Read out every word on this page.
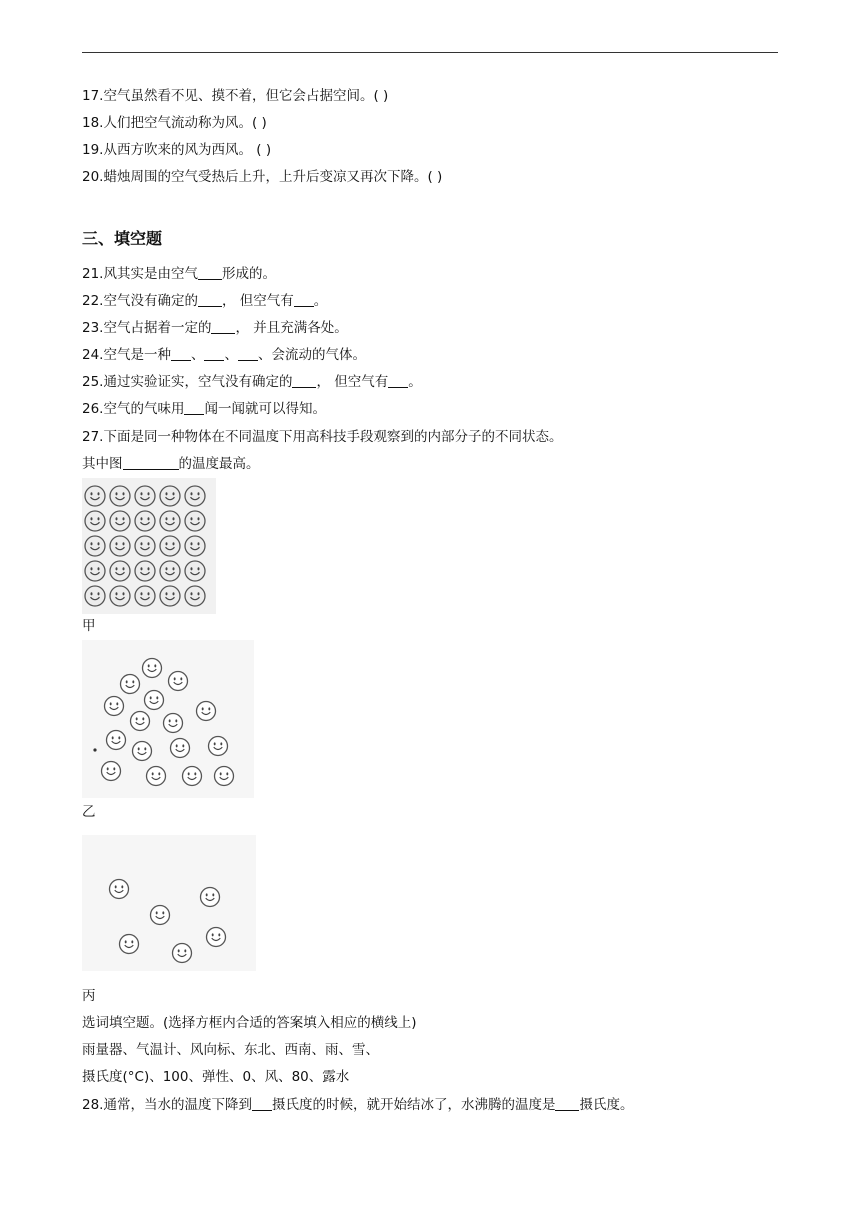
17.空气虽然看不见、摸不着，但它会占据空间。( )
18.人们把空气流动称为风。( )
19.从西方吹来的风为西风。 ( )
20.蜡烛周围的空气受热后上升，上升后变凉又再次下降。( )
三、填空题
21.风其实是由空气 形成的。
22.空气没有确定的 ， 但空气有 。
23.空气占据着一定的 ， 并且充满各处。
24.空气是一种 、 、 、会流动的气体。
25.通过实验证实，空气没有确定的 ， 但空气有 。
26.空气的气味用 闻一闻就可以得知。
27.下面是同一种物体在不同温度下用高科技手段观察到的内部分子的不同状态。
其中图	的温度最高。
甲
乙
丙
选词填空题。(选择方框内合适的答案填入相应的横线上)
雨量器、气温计、风向标、东北、西南、雨、雪、
摄氏度(°C)、100、弹性、0、风、80、露水
28.通常，当水的温度下降到 摄氏度的时候，就开始结冰了，水沸腾的温度是 摄氏度。
